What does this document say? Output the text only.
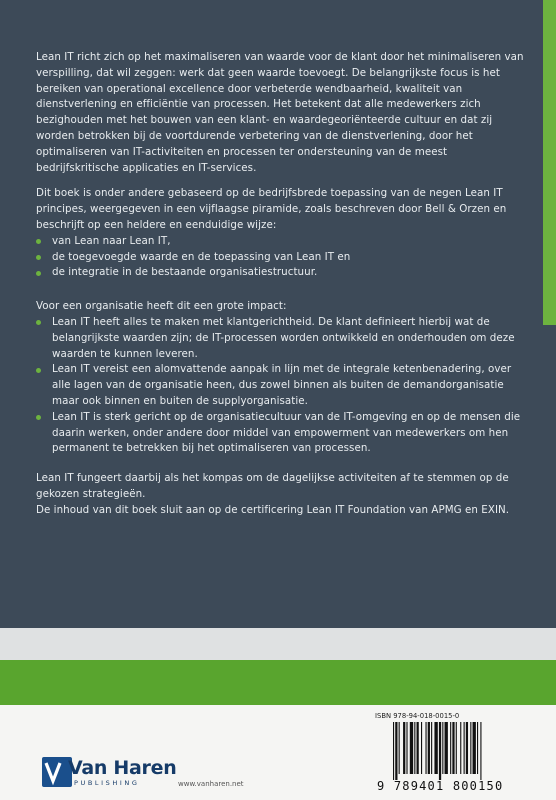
Lean IT richt zich op het maximaliseren van waarde voor de klant door het minimaliseren van verspilling, dat wil zeggen: werk dat geen waarde toevoegt. De belangrijkste focus is het bereiken van operational excellence door verbeterde wendbaarheid, kwaliteit van dienstverlening en efficiëntie van processen. Het betekent dat alle medewerkers zich bezighouden met het bouwen van een klant- en waardegeoriënteerde cultuur en dat zij worden betrokken bij de voortdurende verbetering van de dienstverlening, door het optimaliseren van IT-activiteiten en processen ter ondersteuning van de meest bedrijfskritische applicaties en IT-services.

Dit boek is onder andere gebaseerd op de bedrijfsbrede toepassing van de negen Lean IT principes, weergegeven in een vijflaagse piramide, zoals beschreven door Bell & Orzen en beschrijft op een heldere en eenduidige wijze:

van Lean naar Lean IT,
de toegevoegde waarde en de toepassing van Lean IT en
de integratie in de bestaande organisatiestructuur.

Voor een organisatie heeft dit een grote impact:

Lean IT heeft alles te maken met klantgerichtheid. De klant definieert hierbij wat de belangrijkste waarden zijn; de IT-processen worden ontwikkeld en onderhouden om deze waarden te kunnen leveren.
Lean IT vereist een alomvattende aanpak in lijn met de integrale ketenbenadering, over alle lagen van de organisatie heen, dus zowel binnen als buiten de demandorganisatie maar ook binnen en buiten de supplyorganisatie.
Lean IT is sterk gericht op de organisatiecultuur van de IT-omgeving en op de mensen die daarin werken, onder andere door middel van empowerment van medewerkers om hen permanent te betrekken bij het optimaliseren van processen.

Lean IT fungeert daarbij als het kompas om de dagelijkse activiteiten af te stemmen op de gekozen strategieën.

De inhoud van dit boek sluit aan op de certificering Lean IT Foundation van APMG en EXIN.

Van Haren
PUBLISHING	www.vanharen.net
ISBN 978-94-018-0015-0
9 789401 800150
